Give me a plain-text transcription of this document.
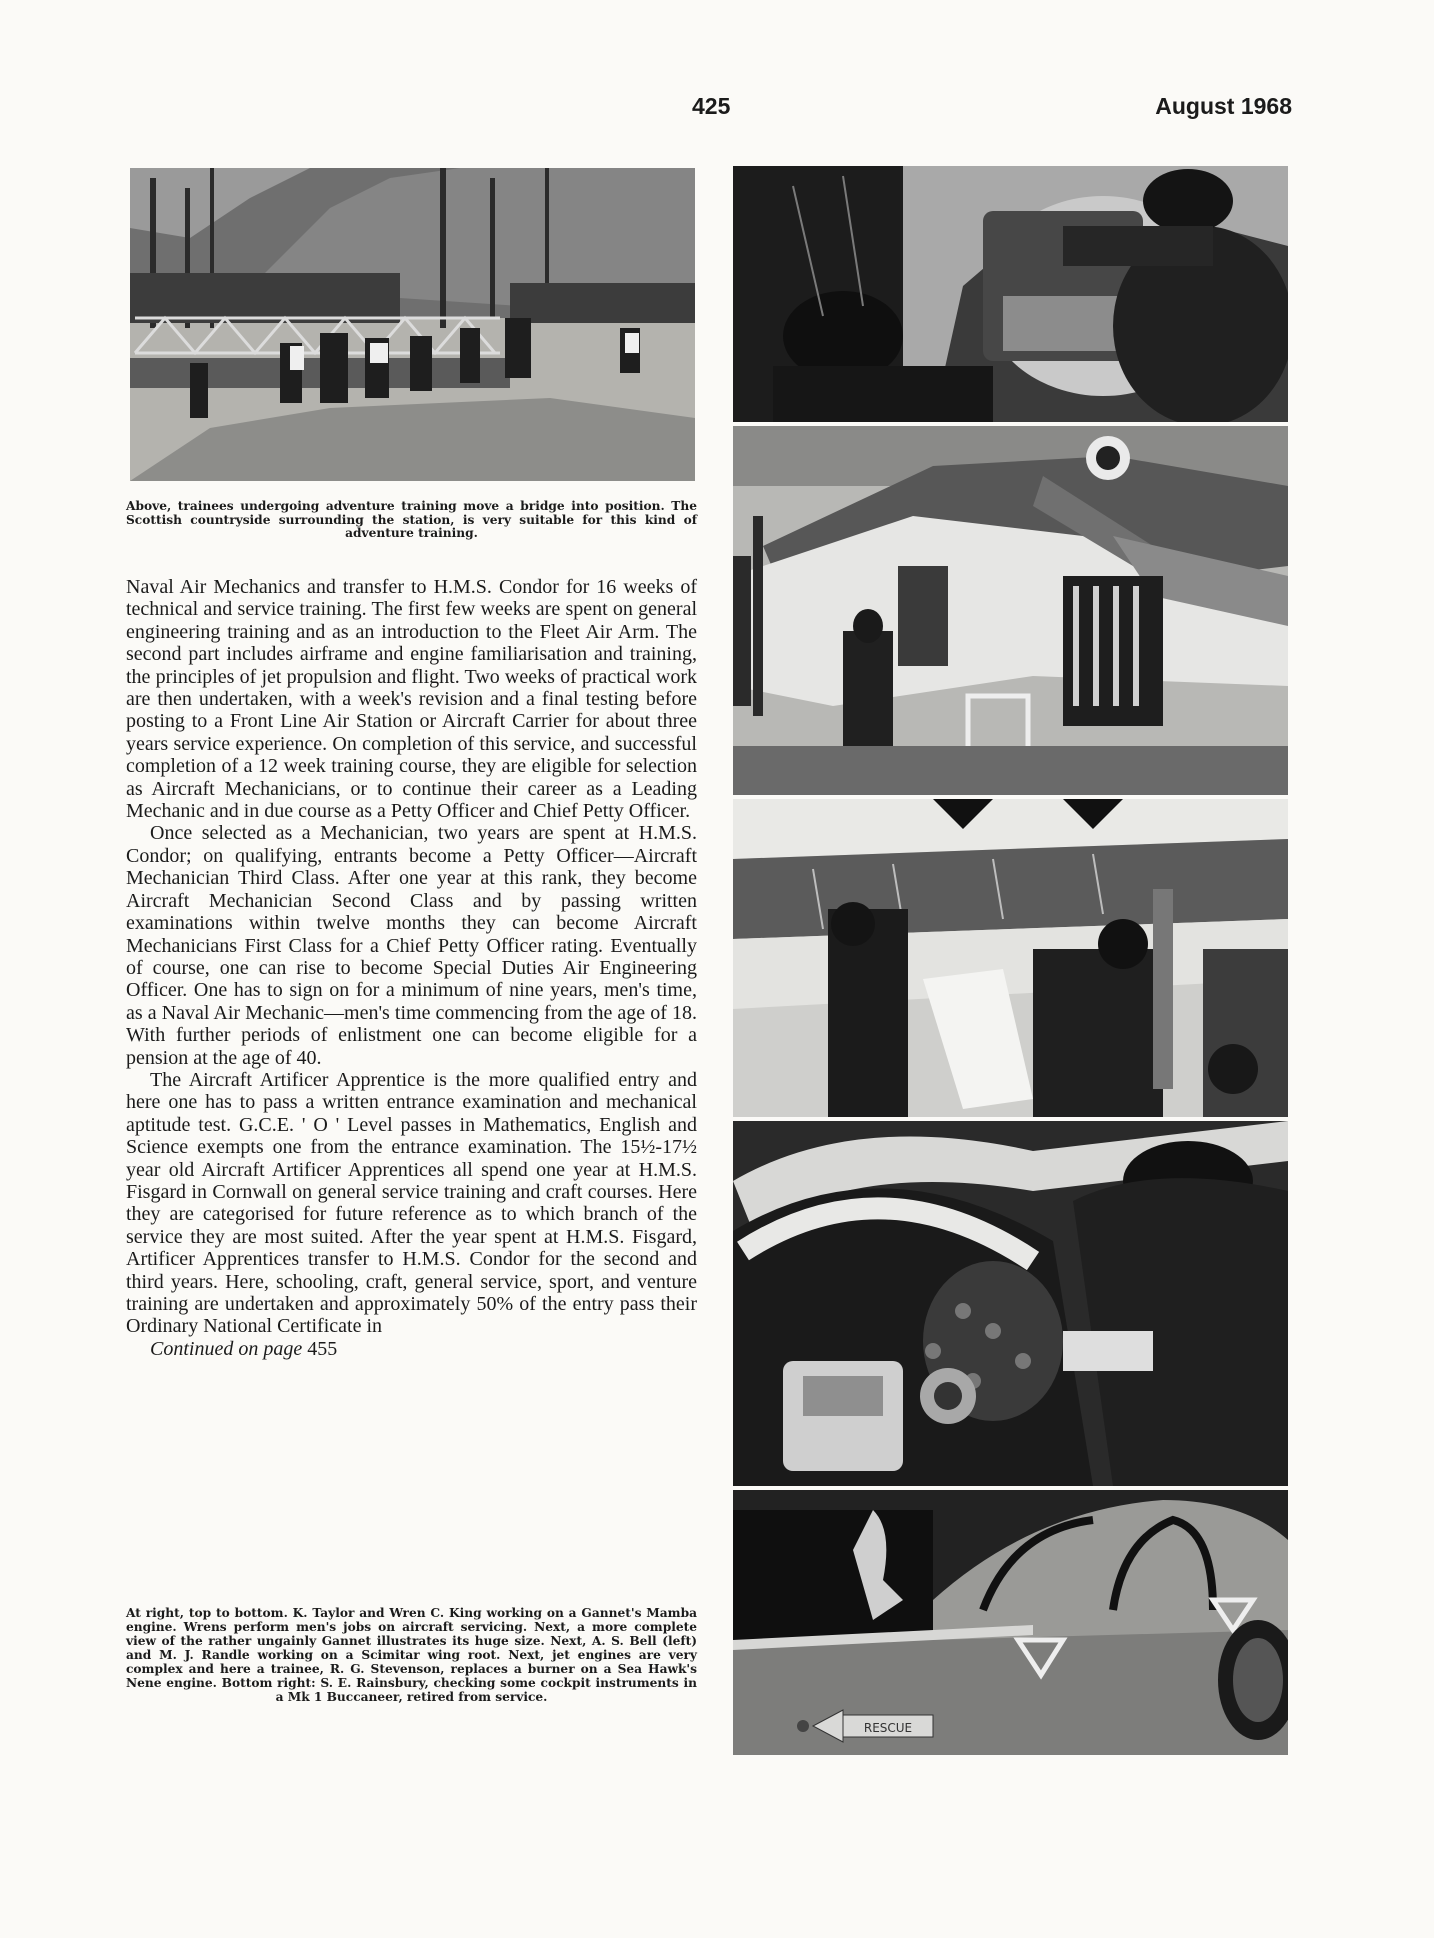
425	August 1968
Above, trainees undergoing adventure training move a bridge into position. The Scottish countryside surrounding the station, is very suitable for this kind of adventure training.

Naval Air Mechanics and transfer to H.M.S. Condor for 16 weeks of technical and service training. The first few weeks are spent on general engineering training and as an introduction to the Fleet Air Arm. The second part includes airframe and engine familiarisation and training, the principles of jet propulsion and flight. Two weeks of practical work are then undertaken, with a week's revision and a final testing before posting to a Front Line Air Station or Aircraft Carrier for about three years service experience. On completion of this service, and successful completion of a 12 week training course, they are eligible for selection as Aircraft Mechanicians, or to continue their career as a Leading Mechanic and in due course as a Petty Officer and Chief Petty Officer.

Once selected as a Mechanician, two years are spent at H.M.S. Condor; on qualifying, entrants become a Petty Officer—Aircraft Mechanician Third Class. After one year at this rank, they become Aircraft Mechanician Second Class and by passing written examinations within twelve months they can become Aircraft Mechanicians First Class for a Chief Petty Officer rating. Eventually of course, one can rise to become Special Duties Air Engineering Officer. One has to sign on for a minimum of nine years, men's time, as a Naval Air Mechanic—men's time commencing from the age of 18. With further periods of enlistment one can become eligible for a pension at the age of 40.

The Aircraft Artificer Apprentice is the more qualified entry and here one has to pass a written entrance examination and mechanical aptitude test. G.C.E. ' O ' Level passes in Mathematics, English and Science exempts one from the entrance examination. The 15½-17½ year old Aircraft Artificer Apprentices all spend one year at H.M.S. Fisgard in Cornwall on general service training and craft courses. Here they are categorised for future reference as to which branch of the service they are most suited. After the year spent at H.M.S. Fisgard, Artificer Apprentices transfer to H.M.S. Condor for the second and third years. Here, schooling, craft, general service, sport, and venture training are undertaken and approximately 50% of the entry pass their Ordinary National Certificate in

Continued on page 455

At right, top to bottom. K. Taylor and Wren C. King working on a Gannet's Mamba engine. Wrens perform men's jobs on aircraft servicing. Next, a more complete view of the rather ungainly Gannet illustrates its huge size. Next, A. S. Bell (left) and M. J. Randle working on a Scimitar wing root. Next, jet engines are very complex and here a trainee, R. G. Stevenson, replaces a burner on a Sea Hawk's Nene engine. Bottom right: S. E. Rainsbury, checking some cockpit instruments in a Mk 1 Buccaneer, retired from service.
RESCUE
